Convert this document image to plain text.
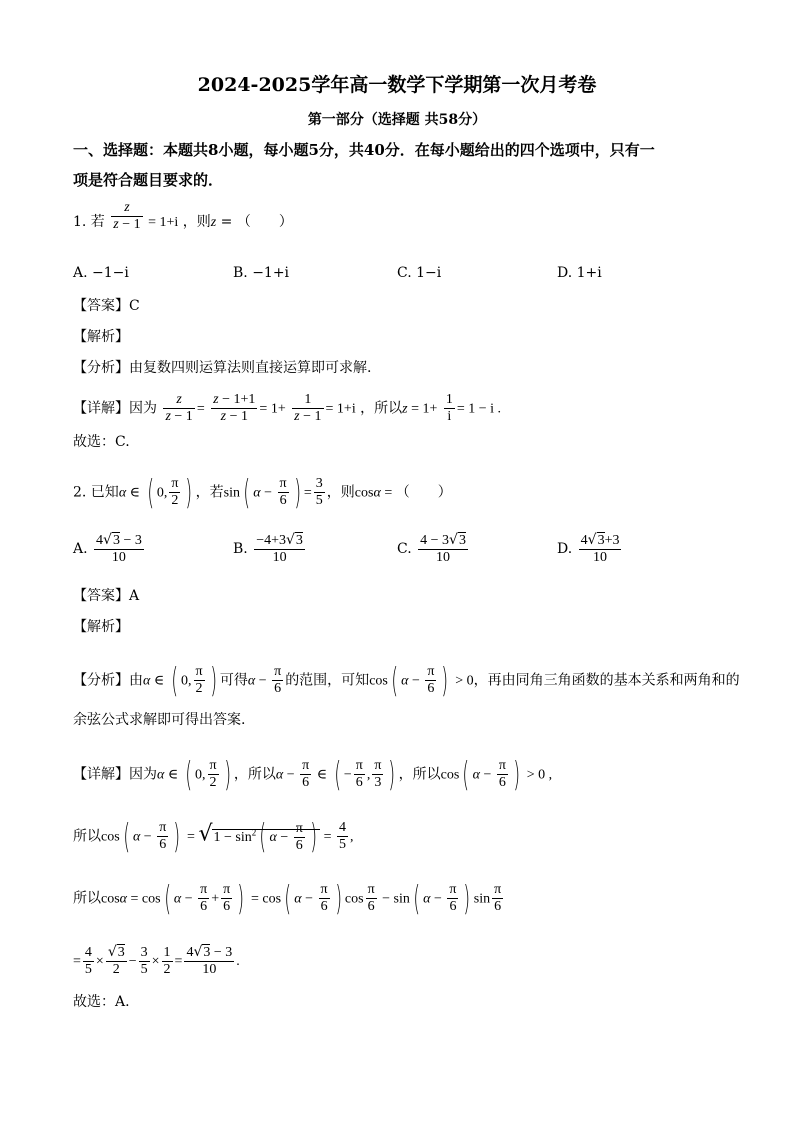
2024-2025学年高一数学下学期第一次月考卷
第一部分（选择题 共58分）
一、选择题：本题共8小题，每小题5分，共40分．在每小题给出的四个选项中，只有一
项是符合题目要求的．
1. 若 $\frac{z}{z - 1} = 1+i$ ，则z = （　　）
A. −1−i	B. −1+i	C. 1−i	D. 1+i
【答案】C
【解析】
【分析】由复数四则运算法则直接运算即可求解.
【详解】因为 $\frac{z}{z - 1} = \frac{z - 1+1}{z - 1} = 1+ \frac{1}{z - 1} = 1+i$ ，所以$z = 1+ \frac{1}{i} = 1 - i$ .
故选：C.
2. 已知α ∈ ( 0, $\frac{\pi}{2}$ ) ，若sin( $\alpha - \frac{\pi}{6}$ ) = $\frac{3}{5}$ ，则cosα = （　　）
A. $\frac{4√3 - 3}{10}$	B. $\frac{-4+3√3}{10}$	C. $\frac{4 - 3√3}{10}$	D. $\frac{4√3+3}{10}$
【答案】A
【解析】
【分析】由α ∈ ( 0, $\frac{\pi}{2}$ ) 可得$\alpha - \frac{\pi}{6}$ 的范围，可知cos( $\alpha - \frac{\pi}{6}$ ) > 0，再由同角三角函数的基本关系和两角和的
余弦公式求解即可得出答案.
【详解】因为α ∈ ( 0, $\frac{\pi}{2}$ ) ，所以$\alpha - \frac{\pi}{6}$ ∈ ( − $\frac{\pi}{6}$ , $\frac{\pi}{3}$ ) ，所以cos( $\alpha - \frac{\pi}{6}$ ) > 0 ,
所以cos( $\alpha - \frac{\pi}{6}$ ) = $√1 - \sin^2$( $\alpha - \frac{\pi}{6}$ ) = $\frac{4}{5}$ ,
所以cosα = cos( $\alpha - \frac{\pi}{6} + \frac{\pi}{6}$ ) = cos( $\alpha - \frac{\pi}{6}$ ) $\cos \frac{\pi}{6} - \sin$( $\alpha - \frac{\pi}{6}$ ) $\sin \frac{\pi}{6}$
= $\frac{4}{5} \times \frac{√3}{2} - \frac{3}{5} \times \frac{1}{2} = \frac{4√3 - 3}{10}$ .
故选：A.
